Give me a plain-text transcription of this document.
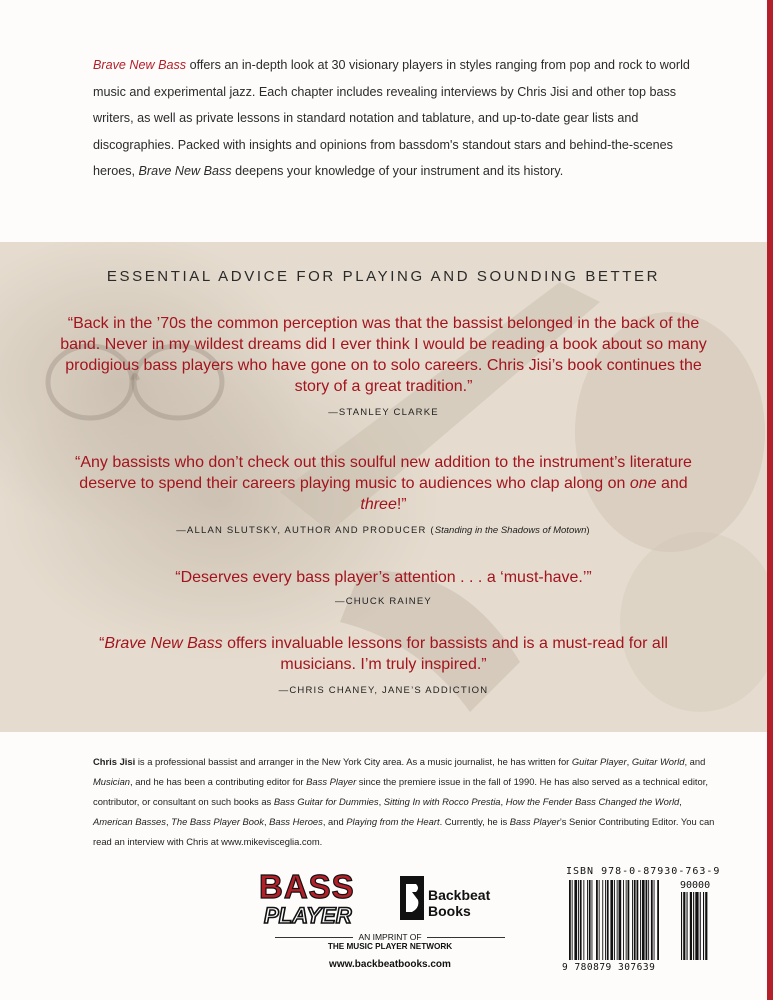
Brave New Bass offers an in-depth look at 30 visionary players in styles ranging from pop and rock to world music and experimental jazz. Each chapter includes revealing interviews by Chris Jisi and other top bass writers, as well as private lessons in standard notation and tablature, and up-to-date gear lists and discographies. Packed with insights and opinions from bassdom's standout stars and behind-the-scenes heroes, Brave New Bass deepens your knowledge of your instrument and its history.

ESSENTIAL ADVICE FOR PLAYING AND SOUNDING BETTER
“Back in the ’70s the common perception was that the bassist belonged in the back of the band. Never in my wildest dreams did I ever think I would be reading a book about so many prodigious bass players who have gone on to solo careers. Chris Jisi’s book continues the story of a great tradition.”
—STANLEY CLARKE
“Any bassists who don’t check out this soulful new addition to the instrument’s literature deserve to spend their careers playing music to audiences who clap along on one and three!”
—ALLAN SLUTSKY, AUTHOR AND PRODUCER (Standing in the Shadows of Motown)
“Deserves every bass player’s attention . . . a ‘must-have.’”
—CHUCK RAINEY
“Brave New Bass offers invaluable lessons for bassists and is a must-read for all musicians. I’m truly inspired.”
—CHRIS CHANEY, JANE’S ADDICTION

Chris Jisi is a professional bassist and arranger in the New York City area. As a music journalist, he has written for Guitar Player, Guitar World, and Musician, and he has been a contributing editor for Bass Player since the premiere issue in the fall of 1990. He has also served as a technical editor, contributor, or consultant on such books as Bass Guitar for Dummies, Sitting In with Rocco Prestia, How the Fender Bass Changed the World, American Basses, The Bass Player Book, Bass Heroes, and Playing from the Heart. Currently, he is Bass Player’s Senior Contributing Editor. You can read an interview with Chris at www.mikevisceglia.com.

BASS
PLAYER
Backbeat
Books
AN IMPRINT OF
THE MUSIC PLAYER NETWORK
www.backbeatbooks.com
ISBN 978-0-87930-763-9
90000
9 780879 307639
